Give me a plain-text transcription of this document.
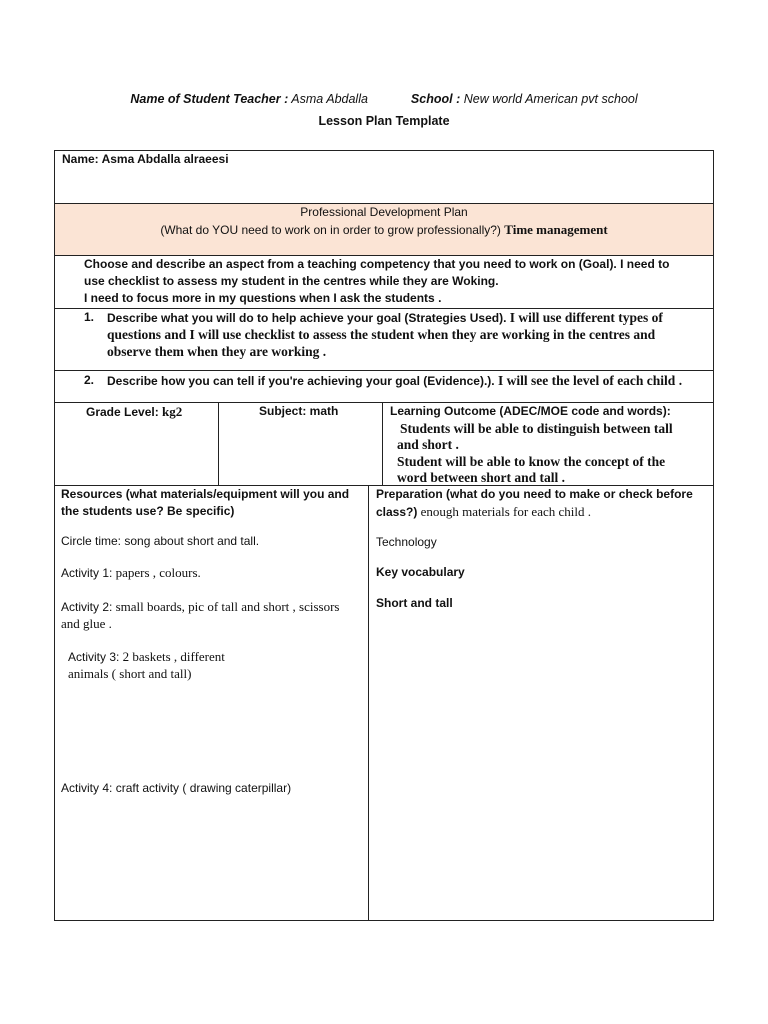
Name of Student Teacher : Asma Abdalla	School : New world American pvt school
Lesson Plan Template
Name: Asma Abdalla alraeesi
Professional Development Plan
(What do YOU need to work on in order to grow professionally?) Time management
Choose and describe an aspect from a teaching competency that you need to work on (Goal). I need to
use checklist to assess my student in the centres while they are Woking.
I need to focus more in my questions when I ask the students .
1. Describe what you will do to help achieve your goal (Strategies Used). I will use different types of
questions and I will use checklist to assess the student when they are working in the centres and
observe them when they are working .
2. Describe how you can tell if you're achieving your goal (Evidence).). I will see the level of each child .
Grade Level: kg2	Subject: math	Learning Outcome (ADEC/MOE code and words):
Students will be able to distinguish between tall
and short .
Student will be able to know the concept of the
word between short and tall .
Resources (what materials/equipment will you and
the students use? Be specific)
Circle time: song about short and tall.
Activity 1: papers , colours.
Activity 2: small boards, pic of tall and short , scissors
and glue .
Activity 3: 2 baskets , different
animals ( short and tall)
Activity 4: craft activity ( drawing caterpillar)
Preparation (what do you need to make or check before
class?) enough materials for each child .
Technology
Key vocabulary
Short and tall
